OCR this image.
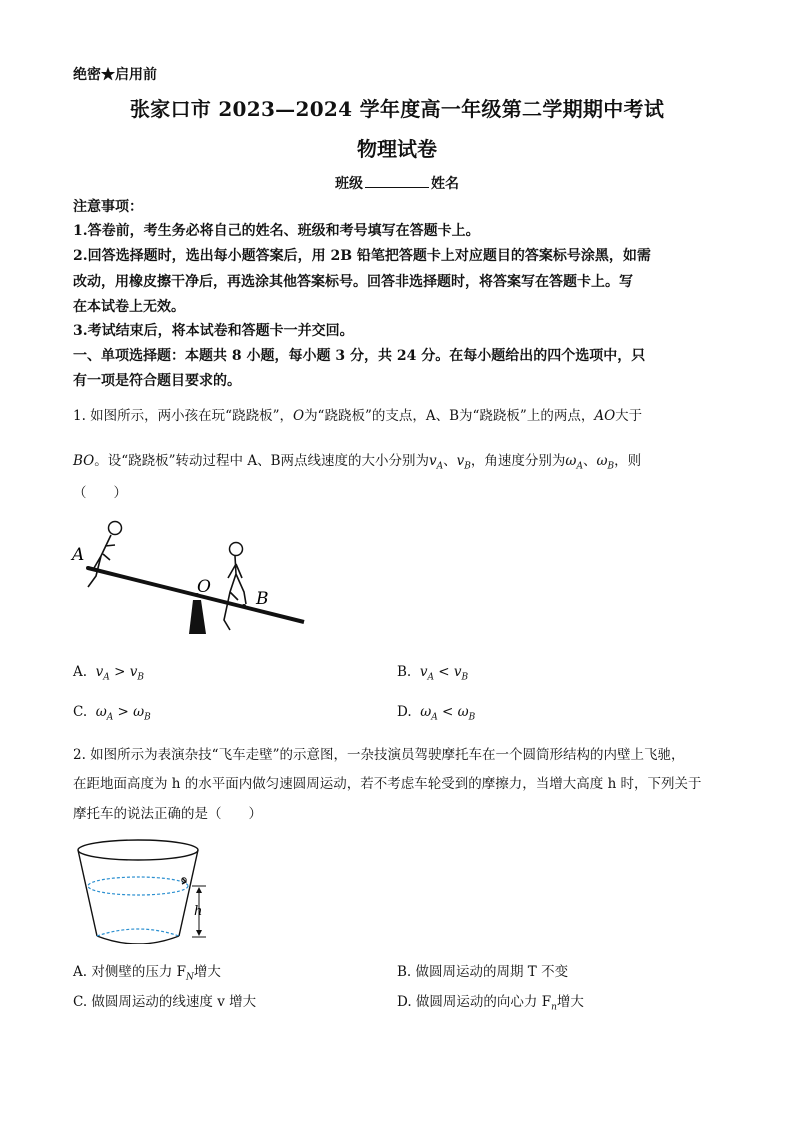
绝密★启用前
张家口市 2023—2024 学年度高一年级第二学期期中考试
物理试卷
班级	姓名
注意事项：
1.答卷前，考生务必将自己的姓名、班级和考号填写在答题卡上。
2.回答选择题时，选出每小题答案后，用 2B 铅笔把答题卡上对应题目的答案标号涂黑，如需
改动，用橡皮擦干净后，再选涂其他答案标号。回答非选择题时，将答案写在答题卡上。写
在本试卷上无效。
3.考试结束后，将本试卷和答题卡一并交回。
一、单项选择题：本题共 8 小题，每小题 3 分，共 24 分。在每小题给出的四个选项中，只
有一项是符合题目要求的。
1. 如图所示，两小孩在玩“跷跷板”，O为“跷跷板”的支点，A、B为“跷跷板”上的两点，AO大于
BO。设“跷跷板”转动过程中 A、B两点线速度的大小分别为$v_A$、$v_B$，角速度分别为$\omega_A$、$\omega_B$，则
（　　）
A
O
B
A. $v_A > v_B$	B. $v_A < v_B$
C. $\omega_A > \omega_B$	D. $\omega_A < \omega_B$
2. 如图所示为表演杂技“飞车走壁”的示意图，一杂技演员驾驶摩托车在一个圆筒形结构的内壁上飞驰，
在距地面高度为 h 的水平面内做匀速圆周运动，若不考虑车轮受到的摩擦力，当增大高度 h 时，下列关于
摩托车的说法正确的是（　　）
h
A. 对侧壁的压力 $F_N$增大	B. 做圆周运动的周期 T 不变
C. 做圆周运动的线速度 v 增大	D. 做圆周运动的向心力 $F_n$增大
